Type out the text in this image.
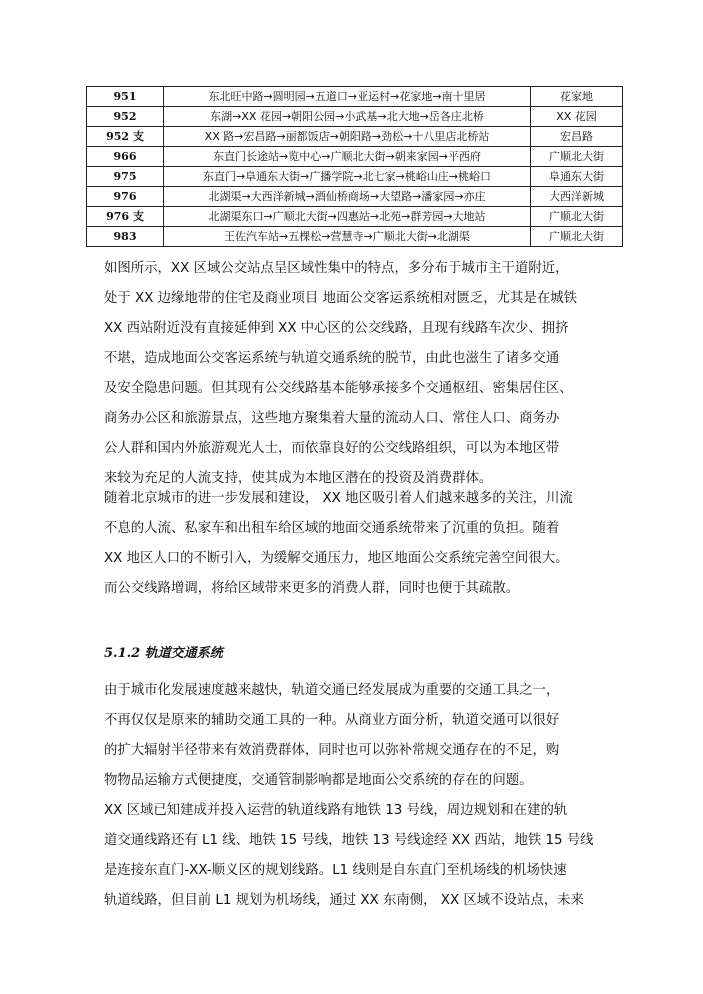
951	东北旺中路→圆明园→五道口→亚运村→花家地→南十里居	花家地
952	东湖→XX 花园→朝阳公园→小武基→北大地→岳各庄北桥	XX 花园
952 支	XX 路→宏昌路→丽都饭店→朝阳路→劲松→十八里店北桥站	宏昌路
966	东直门长途站→览中心→广顺北大街→朝来家园→平西府	广顺北大街
975	东直门→阜通东大街→广播学院→北七家→桃峪山庄→桃峪口	阜通东大街
976	北湖渠→大西洋新城→酒仙桥商场→大望路→潘家园→亦庄	大西洋新城
976 支	北湖渠东口→广顺北大街→四惠站→北苑→群芳园→大地站	广顺北大街
983	王佐汽车站→五棵松→营慧寺→广顺北大街→北湖渠	广顺北大街
如图所示，XX 区域公交站点呈区域性集中的特点，多分布于城市主干道附近，
处于 XX 边缘地带的住宅及商业项目 地面公交客运系统相对匮乏，尤其是在城铁
XX 西站附近没有直接延伸到 XX 中心区的公交线路，且现有线路车次少、拥挤
不堪，造成地面公交客运系统与轨道交通系统的脱节，由此也滋生了诸多交通
及安全隐患问题。但其现有公交线路基本能够承接多个交通枢纽、密集居住区、
商务办公区和旅游景点，这些地方聚集着大量的流动人口、常住人口、商务办
公人群和国内外旅游观光人士，而依靠良好的公交线路组织，可以为本地区带
来较为充足的人流支持，使其成为本地区潜在的投资及消费群体。
随着北京城市的进一步发展和建设， XX 地区吸引着人们越来越多的关注，川流
不息的人流、私家车和出租车给区域的地面交通系统带来了沉重的负担。随着
XX 地区人口的不断引入，为缓解交通压力，地区地面公交系统完善空间很大。
而公交线路增调，将给区域带来更多的消费人群，同时也便于其疏散。
5.1.2 轨道交通系统
由于城市化发展速度越来越快，轨道交通已经发展成为重要的交通工具之一，
不再仅仅是原来的辅助交通工具的一种。从商业方面分析，轨道交通可以很好
的扩大辐射半径带来有效消费群体，同时也可以弥补常规交通存在的不足，购
物物品运输方式便捷度，交通管制影响都是地面公交系统的存在的问题。
XX 区域已知建成并投入运营的轨道线路有地铁 13 号线，周边规划和在建的轨
道交通线路还有 L1 线、地铁 15 号线，地铁 13 号线途经 XX 西站，地铁 15 号线
是连接东直门-XX-顺义区的规划线路。L1 线则是自东直门至机场线的机场快速
轨道线路，但目前 L1 规划为机场线，通过 XX 东南侧， XX 区域不设站点，未来
